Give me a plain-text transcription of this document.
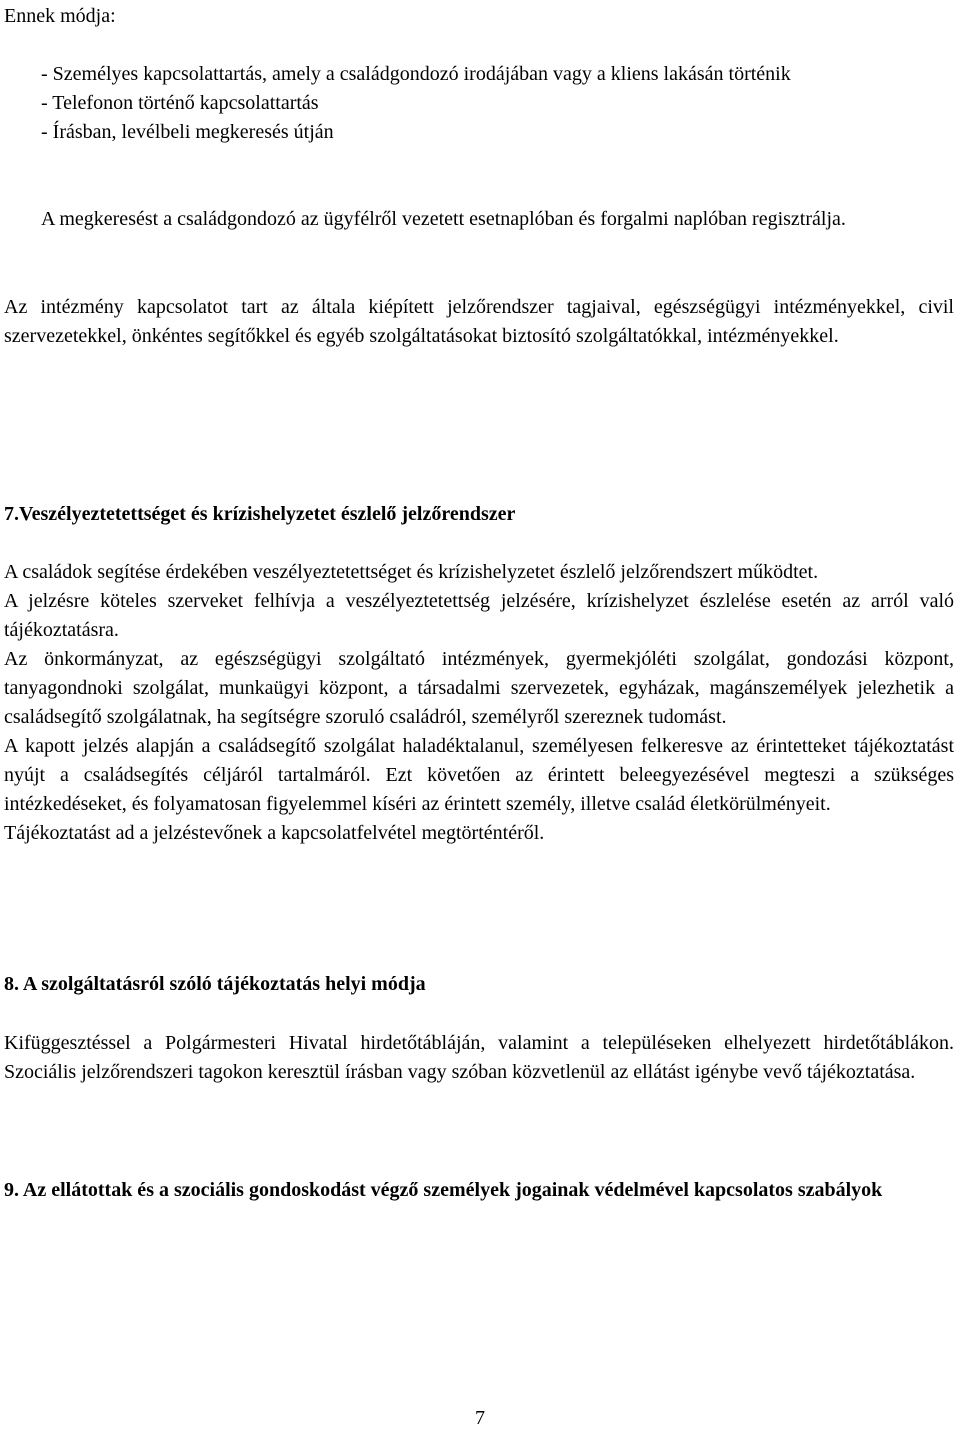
Ennek módja:

- Személyes kapcsolattartás, amely a családgondozó irodájában vagy a kliens lakásán történik

- Telefonon történő kapcsolattartás

- Írásban, levélbeli megkeresés útján

A megkeresést a családgondozó az ügyfélről vezetett esetnaplóban és forgalmi naplóban regisztrálja.

Az intézmény kapcsolatot tart az általa kiépített jelzőrendszer tagjaival, egészségügyi intézményekkel, civil szervezetekkel, önkéntes segítőkkel és egyéb szolgáltatásokat biztosító szolgáltatókkal, intézményekkel.

7.Veszélyeztetettséget és krízishelyzetet észlelő jelzőrendszer

A családok segítése érdekében veszélyeztetettséget és krízishelyzetet észlelő jelzőrendszert működtet.

A jelzésre köteles szerveket felhívja a veszélyeztetettség jelzésére, krízishelyzet észlelése esetén az arról való tájékoztatásra.

Az önkormányzat, az egészségügyi szolgáltató intézmények, gyermekjóléti szolgálat, gondozási központ, tanyagondnoki szolgálat, munkaügyi központ, a társadalmi szervezetek, egyházak, magánszemélyek jelezhetik a családsegítő szolgálatnak, ha segítségre szoruló családról, személyről szereznek tudomást.

A kapott jelzés alapján a családsegítő szolgálat haladéktalanul, személyesen felkeresve az érintetteket tájékoztatást nyújt a családsegítés céljáról tartalmáról. Ezt követően az érintett beleegyezésével megteszi a szükséges intézkedéseket, és folyamatosan figyelemmel kíséri az érintett személy, illetve család életkörülményeit.

Tájékoztatást ad a jelzéstevőnek a kapcsolatfelvétel megtörténtéről.

8. A szolgáltatásról szóló tájékoztatás helyi módja

Kifüggesztéssel a Polgármesteri Hivatal hirdetőtábláján, valamint a településeken elhelyezett hirdetőtáblákon. Szociális jelzőrendszeri tagokon keresztül írásban vagy szóban közvetlenül az ellátást igénybe vevő tájékoztatása.

9. Az ellátottak és a szociális gondoskodást végző személyek jogainak védelmével kapcsolatos szabályok

7
